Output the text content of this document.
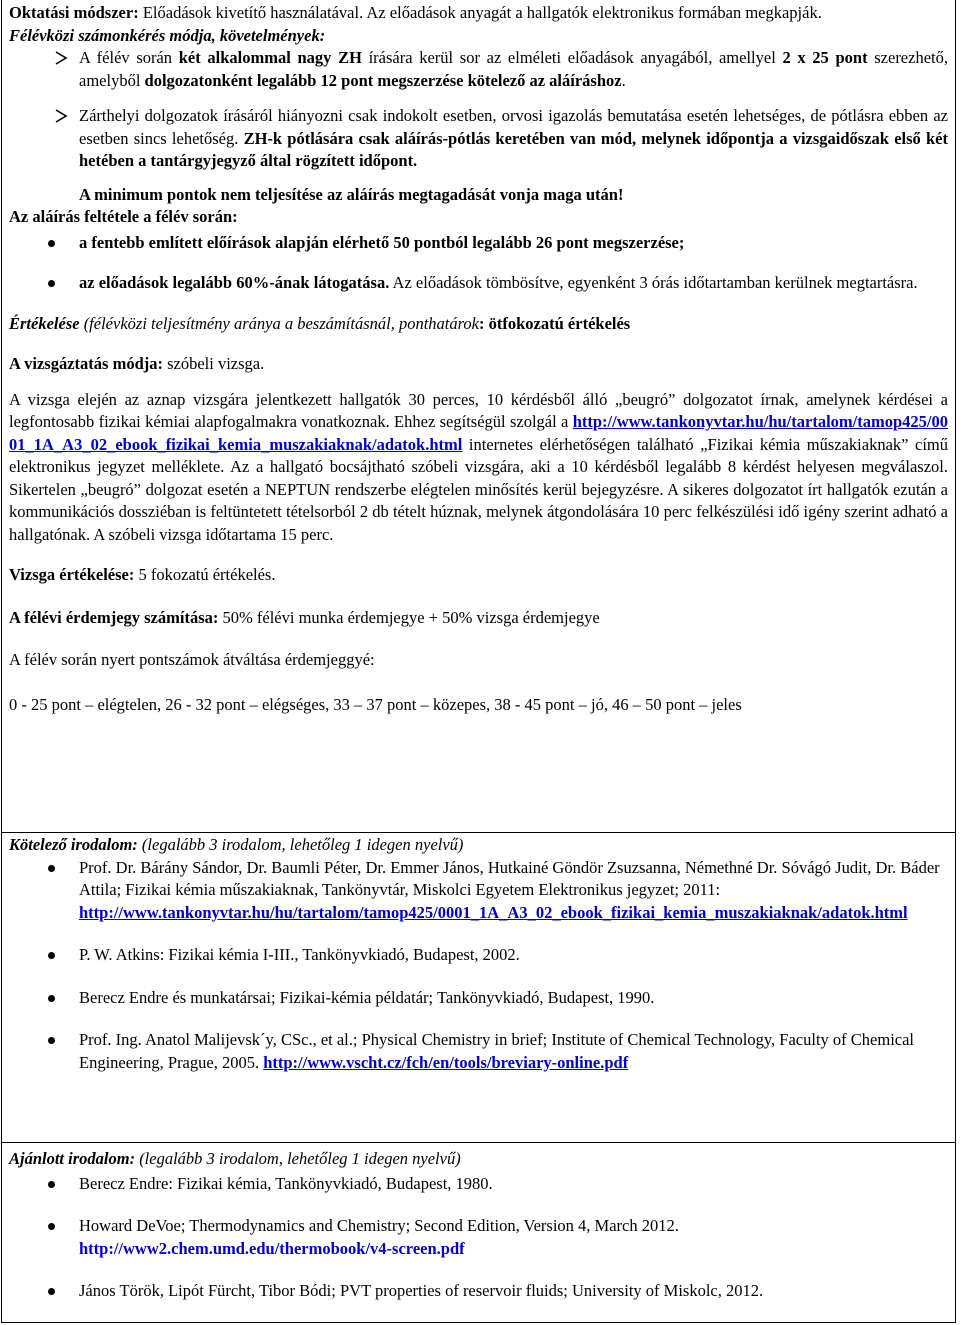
Oktatási módszer: Előadások kivetítő használatával. Az előadások anyagát a hallgatók elektronikus formában megkapják.

Félévközi számonkérés módja, követelmények:

A félév során két alkalommal nagy ZH írására kerül sor az elméleti előadások anyagából, amellyel 2 x 25 pont szerezhető, amelyből dolgozatonként legalább 12 pont megszerzése kötelező az aláíráshoz.
Zárthelyi dolgozatok írásáról hiányozni csak indokolt esetben, orvosi igazolás bemutatása esetén lehetséges, de pótlásra ebben az esetben sincs lehetőség. ZH-k pótlására csak aláírás-pótlás keretében van mód, melynek időpontja a vizsgaidőszak első két hetében a tantárgyjegyző által rögzített időpont.

A minimum pontok nem teljesítése az aláírás megtagadását vonja maga után!

Az aláírás feltétele a félév során:

a fentebb említett előírások alapján elérhető 50 pontból legalább 26 pont megszerzése;
az előadások legalább 60%-ának látogatása. Az előadások tömbösítve, egyenként 3 órás időtartamban kerülnek megtartásra.

Értékelése (félévközi teljesítmény aránya a beszámításnál, ponthatárok: ötfokozatú értékelés

A vizsgáztatás módja: szóbeli vizsga.

A vizsga elején az aznap vizsgára jelentkezett hallgatók 30 perces, 10 kérdésből álló „beugró” dolgozatot írnak, amelynek kérdései a legfontosabb fizikai kémiai alapfogalmakra vonatkoznak. Ehhez segítségül szolgál a http://www.tankonyvtar.hu/hu/tartalom/tamop425/0001_1A_A3_02_ebook_fizikai_kemia_muszakiaknak/adatok.html internetes elérhetőségen található „Fizikai kémia műszakiaknak” című elektronikus jegyzet melléklete. Az a hallgató bocsájtható szóbeli vizsgára, aki a 10 kérdésből legalább 8 kérdést helyesen megválaszol. Sikertelen „beugró” dolgozat esetén a NEPTUN rendszerbe elégtelen minősítés kerül bejegyzésre. A sikeres dolgozatot írt hallgatók ezután a kommunikációs dossziéban is feltüntetett tételsorból 2 db tételt húznak, melynek átgondolására 10 perc felkészülési idő igény szerint adható a hallgatónak. A szóbeli vizsga időtartama 15 perc.

Vizsga értékelése: 5 fokozatú értékelés.

A félévi érdemjegy számítása: 50% félévi munka érdemjegye + 50% vizsga érdemjegye

A félév során nyert pontszámok átváltása érdemjeggyé:

0 - 25 pont – elégtelen, 26 - 32 pont – elégséges, 33 – 37 pont – közepes, 38 - 45 pont – jó, 46 – 50 pont – jeles

Kötelező irodalom: (legalább 3 irodalom, lehetőleg 1 idegen nyelvű)

Prof. Dr. Bárány Sándor, Dr. Baumli Péter, Dr. Emmer János, Hutkainé Göndör Zsuzsanna, Némethné Dr. Sóvágó Judit, Dr. Báder Attila; Fizikai kémia műszakiaknak, Tankönyvtár, Miskolci Egyetem Elektronikus jegyzet; 2011:
http://www.tankonyvtar.hu/hu/tartalom/tamop425/0001_1A_A3_02_ebook_fizikai_kemia_muszakiaknak/adatok.html
P. W. Atkins: Fizikai kémia I-III., Tankönyvkiadó, Budapest, 2002.
Berecz Endre és munkatársai; Fizikai-kémia példatár; Tankönyvkiadó, Budapest, 1990.
Prof. Ing. Anatol Malijevsk´y, CSc., et al.; Physical Chemistry in brief; Institute of Chemical Technology, Faculty of Chemical Engineering, Prague, 2005. http://www.vscht.cz/fch/en/tools/breviary-online.pdf

Ajánlott irodalom: (legalább 3 irodalom, lehetőleg 1 idegen nyelvű)

Berecz Endre: Fizikai kémia, Tankönyvkiadó, Budapest, 1980.
Howard DeVoe; Thermodynamics and Chemistry; Second Edition, Version 4, March 2012.
http://www2.chem.umd.edu/thermobook/v4-screen.pdf
János Török, Lipót Fürcht, Tibor Bódi; PVT properties of reservoir fluids; University of Miskolc, 2012.
